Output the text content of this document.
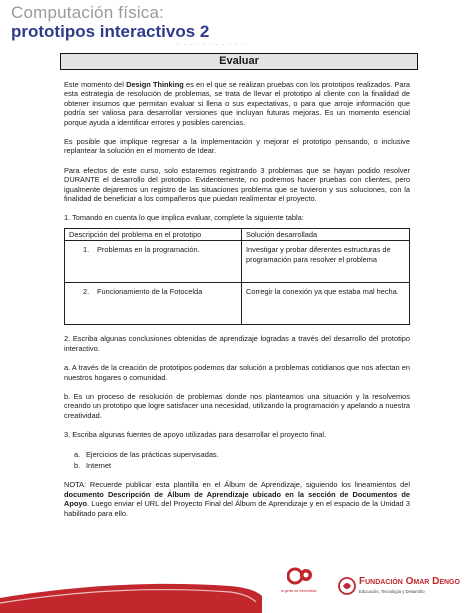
Computación física:
prototipos interactivos 2
. . . . . . . . . . .
Evaluar

Este momento del Design Thinking es en el que se realizan pruebas con los prototipos realizados. Para esta estrategia de resolución de problemas, se trata de llevar el prototipo al cliente con la finalidad de obtener insumos que permitan evaluar si llena o sus expectativas, o para que arroje información que podría ser valiosa para desarrollar versiones que incluyan futuras mejoras. Es un momento esencial porque ayuda a identificar errores y posibles carencias.

Es posible que implique regresar a la implementación y mejorar el prototipo pensando, o inclusive replantear la solución en el momento de Idear.

Para efectos de este curso, solo estaremos registrando 3 problemas que se hayan podido resolver DURANTE el desarrollo del prototipo. Evidentemente, no podremos hacer pruebas con clientes, pero igualmente dejaremos un registro de las situaciones problema que se tuvieron y sus soluciones, con la finalidad de beneficiar a los compañeros que puedan realimentar el proyecto.

1. Tomando en cuenta lo que implica evaluar, complete la siguiente tabla:

Descripción del problema en el prototipo	Solución desarrollada
1. Problemas en la programación.	Investigar y probar diferentes estructuras de programación para resolver el problema
2. Funcionamiento de la Fotocelda	Corregir la conexión ya que estaba mal hecha.

2. Escriba algunas conclusiones obtenidas de aprendizaje logradas a través del desarrollo del prototipo interactivo.

a. A través de la creación de prototipos podemos dar solución a problemas cotidianos que nos afectan en nuestros hogares o comunidad.

b. Es un proceso de resolución de problemas donde nos planteamos una situación y la resolvemos creando un prototipo que logre satisfacer una necesidad, utilizando la programación y apelando a nuestra creatividad.

3. Escriba algunas fuentes de apoyo utilizadas para desarrollar el proyecto final.

a. Ejercicios de las prácticas supervisadas.

b. Internet

NOTA: Recuerde publicar esta plantilla en el Álbum de Aprendizaje, siguiendo los lineamientos del documento Descripción de Álbum de Aprendizaje ubicado en la sección de Documentos de Apoyo. Luego enviar el URL del Proyecto Final del Álbum de Aprendizaje y en el espacio de la Unidad 3 habilitado para ello.

la gente de informática
Fundación Omar Dengo
Educación, Tecnología y Desarrollo
